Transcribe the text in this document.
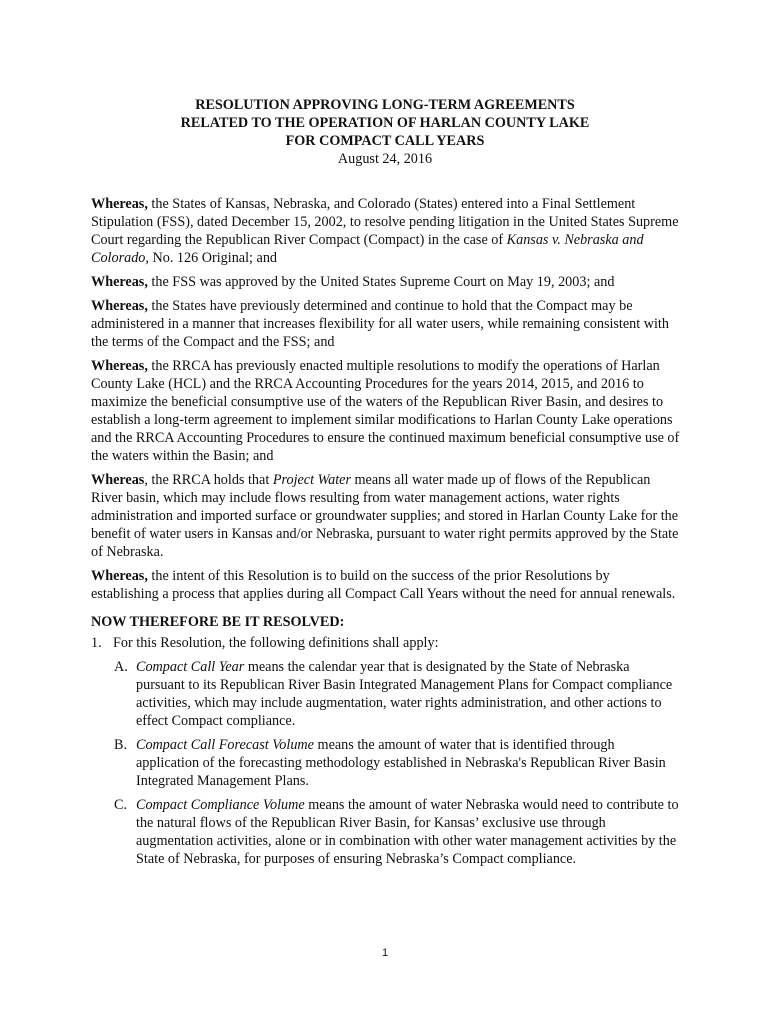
RESOLUTION APPROVING LONG-TERM AGREEMENTS
RELATED TO THE OPERATION OF HARLAN COUNTY LAKE
FOR COMPACT CALL YEARS
August 24, 2016

Whereas, the States of Kansas, Nebraska, and Colorado (States) entered into a Final Settlement Stipulation (FSS), dated December 15, 2002, to resolve pending litigation in the United States Supreme Court regarding the Republican River Compact (Compact) in the case of Kansas v. Nebraska and Colorado, No. 126 Original; and

Whereas, the FSS was approved by the United States Supreme Court on May 19, 2003; and

Whereas, the States have previously determined and continue to hold that the Compact may be administered in a manner that increases flexibility for all water users, while remaining consistent with the terms of the Compact and the FSS; and

Whereas, the RRCA has previously enacted multiple resolutions to modify the operations of Harlan County Lake (HCL) and the RRCA Accounting Procedures for the years 2014, 2015, and 2016 to maximize the beneficial consumptive use of the waters of the Republican River Basin, and desires to establish a long-term agreement to implement similar modifications to Harlan County Lake operations and the RRCA Accounting Procedures to ensure the continued maximum beneficial consumptive use of the waters within the Basin; and

Whereas, the RRCA holds that Project Water means all water made up of flows of the Republican River basin, which may include flows resulting from water management actions, water rights administration and imported surface or groundwater supplies; and stored in Harlan County Lake for the benefit of water users in Kansas and/or Nebraska, pursuant to water right permits approved by the State of Nebraska.

Whereas, the intent of this Resolution is to build on the success of the prior Resolutions by establishing a process that applies during all Compact Call Years without the need for annual renewals.

NOW THEREFORE BE IT RESOLVED:

1. For this Resolution, the following definitions shall apply:
A. Compact Call Year means the calendar year that is designated by the State of Nebraska pursuant to its Republican River Basin Integrated Management Plans for Compact compliance activities, which may include augmentation, water rights administration, and other actions to effect Compact compliance.
B. Compact Call Forecast Volume means the amount of water that is identified through application of the forecasting methodology established in Nebraska's Republican River Basin Integrated Management Plans.
C. Compact Compliance Volume means the amount of water Nebraska would need to contribute to the natural flows of the Republican River Basin, for Kansas’ exclusive use through augmentation activities, alone or in combination with other water management activities by the State of Nebraska, for purposes of ensuring Nebraska’s Compact compliance.
1
